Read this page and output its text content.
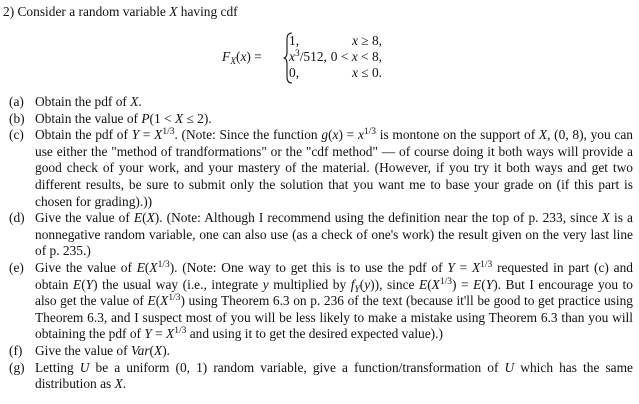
2) Consider a random variable X having cdf
$F_X(x)$ =
1,	x ≥ 8,
$x^3/512$, 0 < x < 8,
0,	x ≤ 0.
(a) Obtain the pdf of X.
(b) Obtain the value of P(1 < X ≤ 2).
(c) Obtain the pdf of $Y = X^{1/3}$. (Note: Since the function $g(x) = x^{1/3}$ is montone on the support of X, (0, 8), you can use either the "method of trandformations" or the "cdf method" — of course doing it both ways will provide a good check of your work, and your mastery of the material. (However, if you try it both ways and get two different results, be sure to submit only the solution that you want me to base your grade on (if this part is chosen for grading).))
(d) Give the value of E(X). (Note: Although I recommend using the definition near the top of p. 233, since X is a nonnegative random variable, one can also use (as a check of one's work) the result given on the very last line of p. 235.)
(e) Give the value of $E(X^{1/3})$. (Note: One way to get this is to use the pdf of $Y = X^{1/3}$ requested in part (c) and obtain E(Y) the usual way (i.e., integrate y multiplied by $f_Y(y)$), since $E(X^{1/3}) = E(Y)$. But I encourage you to also get the value of $E(X^{1/3})$ using Theorem 6.3 on p. 236 of the text (because it'll be good to get practice using Theorem 6.3, and I suspect most of you will be less likely to make a mistake using Theorem 6.3 than you will obtaining the pdf of $Y = X^{1/3}$ and using it to get the desired expected value).)
(f) Give the value of Var(X).
(g) Letting U be a uniform (0, 1) random variable, give a function/transformation of U which has the same distribution as X.
